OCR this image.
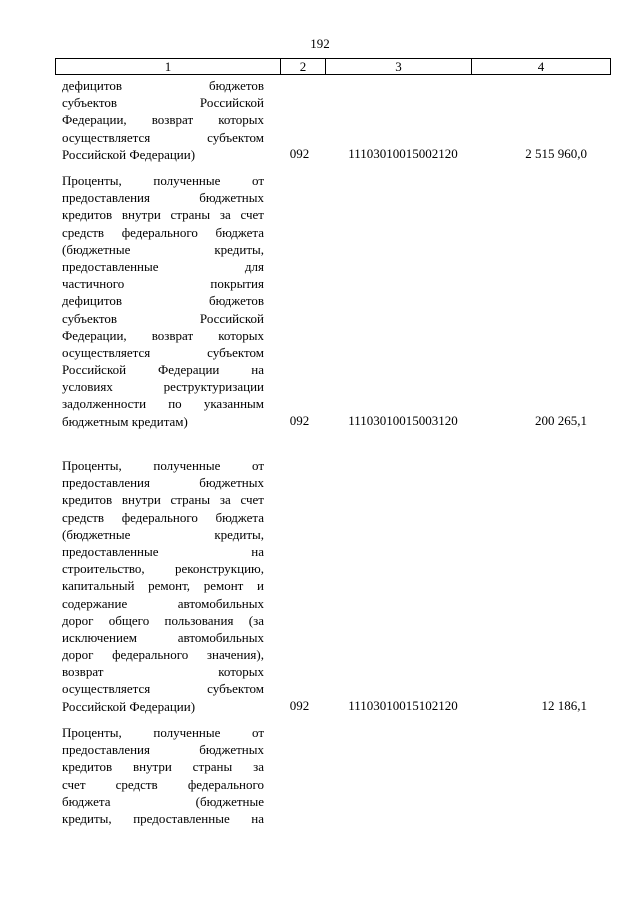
192
1	2	3	4
дефицитов бюджетов
субъектов Российской
Федерации, возврат которых
осуществляется субъектом
Российской Федерации)	092	11103010015002120	2 515 960,0
Проценты, полученные от
предоставления бюджетных
кредитов внутри страны за счет
средств федерального бюджета
(бюджетные кредиты,
предоставленные для
частичного покрытия
дефицитов бюджетов
субъектов Российской
Федерации, возврат которых
осуществляется субъектом
Российской Федерации на
условиях реструктуризации
задолженности по указанным
бюджетным кредитам)	092	11103010015003120	200 265,1
Проценты, полученные от
предоставления бюджетных
кредитов внутри страны за счет
средств федерального бюджета
(бюджетные кредиты,
предоставленные на
строительство, реконструкцию,
капитальный ремонт, ремонт и
содержание автомобильных
дорог общего пользования (за
исключением автомобильных
дорог федерального значения),
возврат которых
осуществляется субъектом
Российской Федерации)	092	11103010015102120	12 186,1
Проценты, полученные от
предоставления бюджетных
кредитов внутри страны за
счет средств федерального
бюджета (бюджетные
кредиты, предоставленные на
